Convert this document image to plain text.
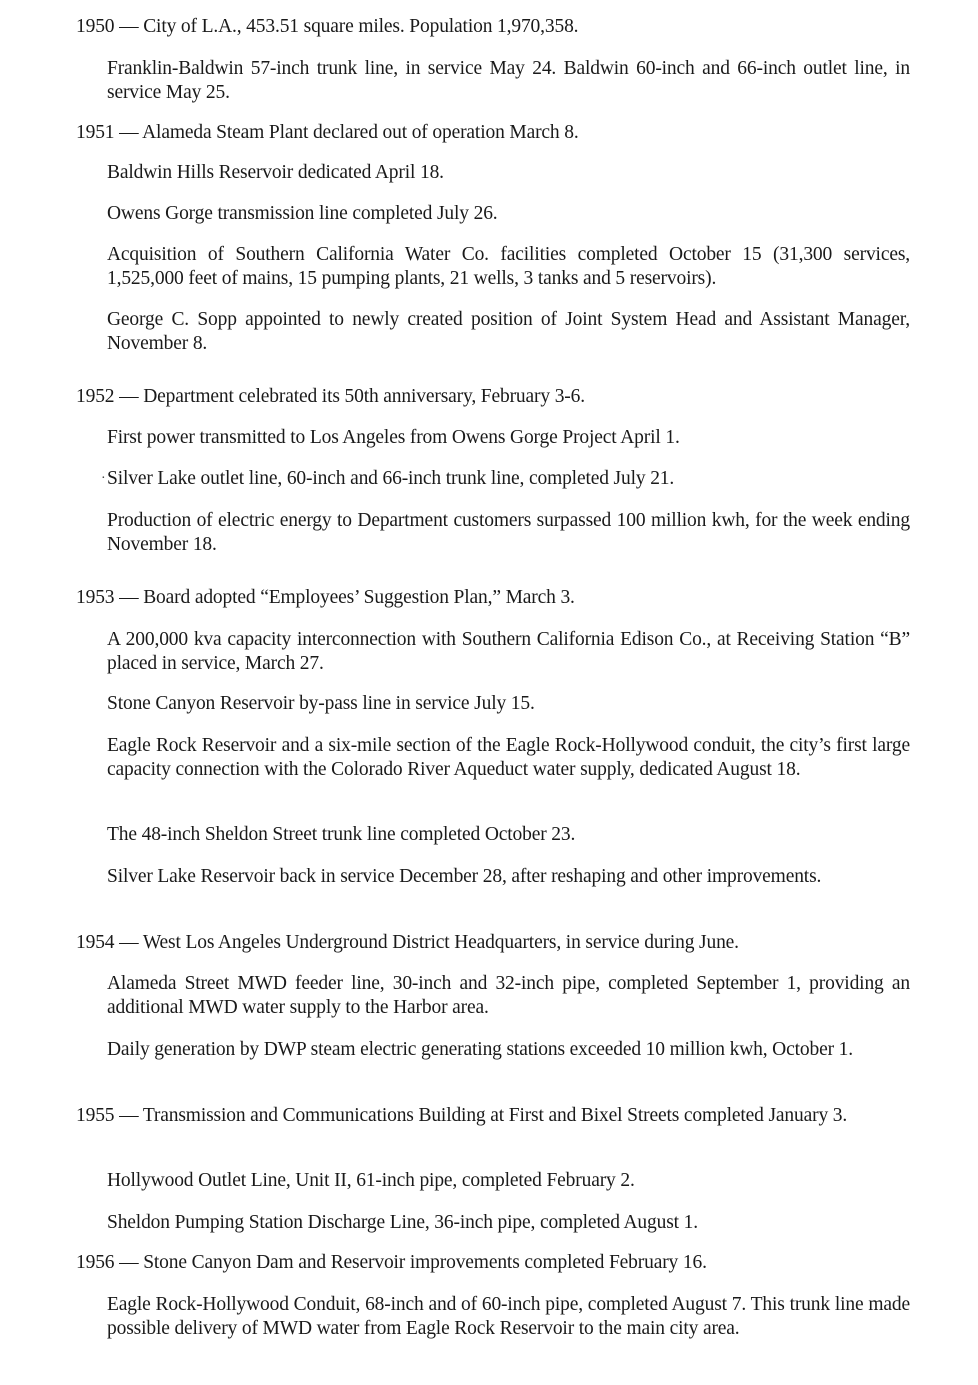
1950 — City of L.A., 453.51 square miles. Population 1,970,358.

Franklin-Baldwin 57-inch trunk line, in service May 24. Baldwin 60-inch and 66-inch outlet line, in service May 25.

1951 — Alameda Steam Plant declared out of operation March 8.

Baldwin Hills Reservoir dedicated April 18.

Owens Gorge transmission line completed July 26.

Acquisition of Southern California Water Co. facilities completed October 15 (31,300 services, 1,525,000 feet of mains, 15 pumping plants, 21 wells, 3 tanks and 5 reservoirs).

George C. Sopp appointed to newly created position of Joint System Head and Assistant Manager, November 8.

1952 — Department celebrated its 50th anniversary, February 3-6.

First power transmitted to Los Angeles from Owens Gorge Project April 1.

· Silver Lake outlet line, 60-inch and 66-inch trunk line, completed July 21.

Production of electric energy to Department customers surpassed 100 million kwh, for the week ending November 18.

1953 — Board adopted “Employees’ Suggestion Plan,” March 3.

A 200,000 kva capacity interconnection with Southern California Edison Co., at Receiving Station “B” placed in service, March 27.

Stone Canyon Reservoir by-pass line in service July 15.

Eagle Rock Reservoir and a six-mile section of the Eagle Rock-Hollywood conduit, the city’s first large capacity connection with the Colorado River Aqueduct water supply, dedicated August 18.

The 48-inch Sheldon Street trunk line completed October 23.

Silver Lake Reservoir back in service December 28, after reshaping and other improvements.

1954 — West Los Angeles Underground District Headquarters, in service during June.

Alameda Street MWD feeder line, 30-inch and 32-inch pipe, completed September 1, providing an additional MWD water supply to the Harbor area.

Daily generation by DWP steam electric generating stations exceeded 10 million kwh, October 1.

1955 — Transmission and Communications Building at First and Bixel Streets completed January 3.

Hollywood Outlet Line, Unit II, 61-inch pipe, completed February 2.

Sheldon Pumping Station Discharge Line, 36-inch pipe, completed August 1.

1956 — Stone Canyon Dam and Reservoir improvements completed February 16.

Eagle Rock-Hollywood Conduit, 68-inch and of 60-inch pipe, completed August 7. This trunk line made possible delivery of MWD water from Eagle Rock Reservoir to the main city area.
